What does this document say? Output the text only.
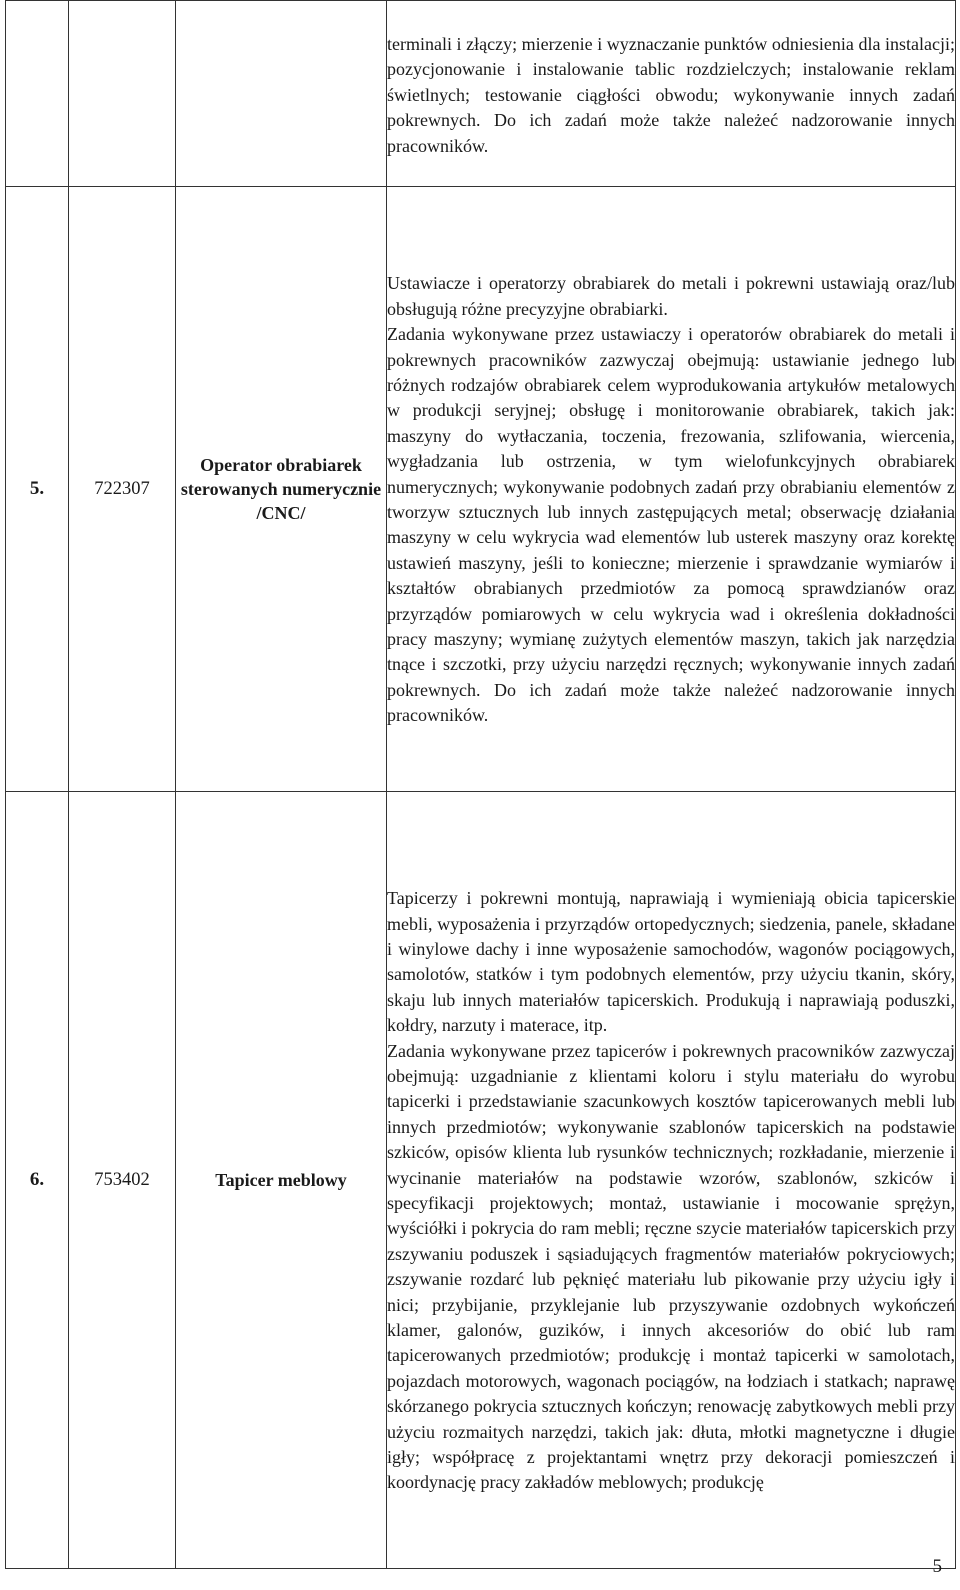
			terminali i złączy; mierzenie i wyznaczanie punktów odniesienia dla instalacji; pozycjonowanie i instalowanie tablic rozdzielczych; instalowanie reklam świetlnych; testowanie ciągłości obwodu; wykonywanie innych zadań pokrewnych. Do ich zadań może także należeć nadzorowanie innych pracowników.

5.	722307	Operator obrabiarek sterowanych numerycznie /CNC/	Ustawiacze i operatorzy obrabiarek do metali i pokrewni ustawiają oraz/lub obsługują różne precyzyjne obrabiarki.

Zadania wykonywane przez ustawiaczy i operatorów obrabiarek do metali i pokrewnych pracowników zazwyczaj obejmują: ustawianie jednego lub różnych rodzajów obrabiarek celem wyprodukowania artykułów metalowych w produkcji seryjnej; obsługę i monitorowanie obrabiarek, takich jak: maszyny do wytłaczania, toczenia, frezowania, szlifowania, wiercenia, wygładzania lub ostrzenia, w tym wielofunkcyjnych obrabiarek numerycznych; wykonywanie podobnych zadań przy obrabianiu elementów z tworzyw sztucznych lub innych zastępujących metal; obserwację działania maszyny w celu wykrycia wad elementów lub usterek maszyny oraz korektę ustawień maszyny, jeśli to konieczne; mierzenie i sprawdzanie wymiarów i kształtów obrabianych przedmiotów za pomocą sprawdzianów oraz przyrządów pomiarowych w celu wykrycia wad i określenia dokładności pracy maszyny; wymianę zużytych elementów maszyn, takich jak narzędzia tnące i szczotki, przy użyciu narzędzi ręcznych; wykonywanie innych zadań pokrewnych. Do ich zadań może także należeć nadzorowanie innych pracowników.

6.	753402	Tapicer meblowy	Tapicerzy i pokrewni montują, naprawiają i wymieniają obicia tapicerskie mebli, wyposażenia i przyrządów ortopedycznych; siedzenia, panele, składane i winylowe dachy i inne wyposażenie samochodów, wagonów pociągowych, samolotów, statków i tym podobnych elementów, przy użyciu tkanin, skóry, skaju lub innych materiałów tapicerskich. Produkują i naprawiają poduszki, kołdry, narzuty i materace, itp.

Zadania wykonywane przez tapicerów i pokrewnych pracowników zazwyczaj obejmują: uzgadnianie z klientami koloru i stylu materiału do wyrobu tapicerki i przedstawianie szacunkowych kosztów tapicerowanych mebli lub innych przedmiotów; wykonywanie szablonów tapicerskich na podstawie szkiców, opisów klienta lub rysunków technicznych; rozkładanie, mierzenie i wycinanie materiałów na podstawie wzorów, szablonów, szkiców i specyfikacji projektowych; montaż, ustawianie i mocowanie sprężyn, wyściółki i pokrycia do ram mebli; ręczne szycie materiałów tapicerskich przy zszywaniu poduszek i sąsiadujących fragmentów materiałów pokryciowych; zszywanie rozdarć lub pęknięć materiału lub pikowanie przy użyciu igły i nici; przybijanie, przyklejanie lub przyszywanie ozdobnych wykończeń klamer, galonów, guzików, i innych akcesoriów do obić lub ram tapicerowanych przedmiotów; produkcję i montaż tapicerki w samolotach, pojazdach motorowych, wagonach pociągów, na łodziach i statkach; naprawę skórzanego pokrycia sztucznych kończyn; renowację zabytkowych mebli przy użyciu rozmaitych narzędzi, takich jak: dłuta, młotki magnetyczne i długie igły; współpracę z projektantami wnętrz przy dekoracji pomieszczeń i koordynację pracy zakładów meblowych; produkcję

5
